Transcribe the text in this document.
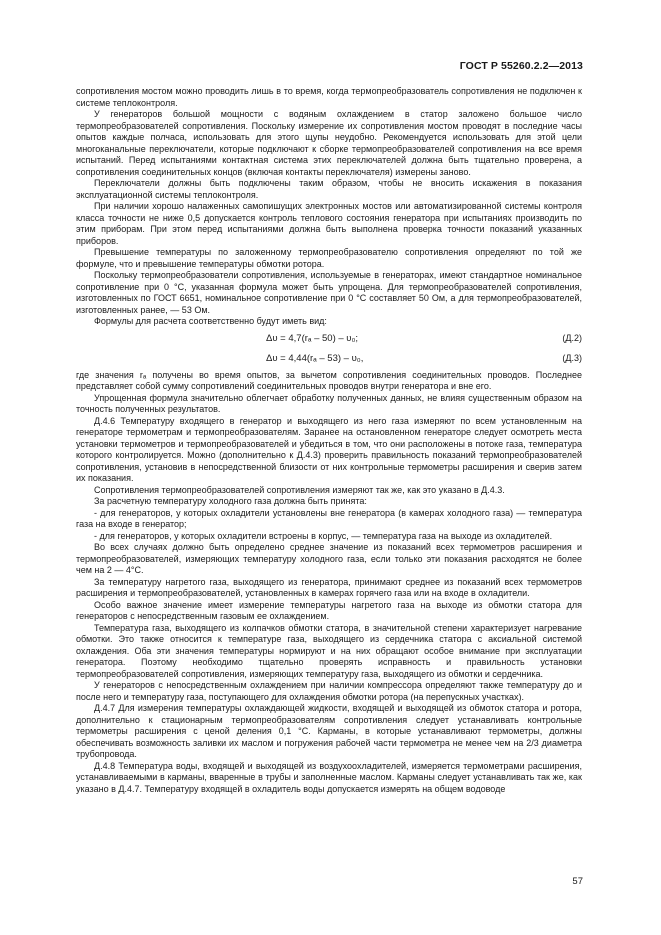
ГОСТ Р 55260.2.2—2013

сопротивления мостом можно проводить лишь в то время, когда термопреобразователь сопротивления не подключен к системе теплоконтроля.

У генераторов большой мощности с водяным охлаждением в статор заложено большое число термопреобразователей сопротивления. Поскольку измерение их сопротивления мостом проводят в последние часы опытов каждые полчаса, использовать для этого щупы неудобно. Рекомендуется использовать для этой цели многоканальные переключатели, которые подключают к сборке термопреобразователей сопротивления на все время испытаний. Перед испытаниями контактная система этих переключателей должна быть тщательно проверена, а сопротивления соединительных концов (включая контакты переключателя) измерены заново.

Переключатели должны быть подключены таким образом, чтобы не вносить искажения в показания эксплуатационной системы теплоконтроля.

При наличии хорошо налаженных самопишущих электронных мостов или автоматизированной системы контроля класса точности не ниже 0,5 допускается контроль теплового состояния генератора при испытаниях производить по этим приборам. При этом перед испытаниями должна быть выполнена проверка точности показаний указанных приборов.

Превышение температуры по заложенному термопреобразователю сопротивления определяют по той же формуле, что и превышение температуры обмотки ротора.

Поскольку термопреобразователи сопротивления, используемые в генераторах, имеют стандартное номинальное сопротивление при 0 °С, указанная формула может быть упрощена. Для термопреобразователей сопротивления, изготовленных по ГОСТ 6651, номинальное сопротивление при 0 °С составляет 50 Ом, а для термопреобразователей, изготовленных ранее, — 53 Ом.

Формулы для расчета соответственно будут иметь вид:

Δυ = 4,7(rₐ – 50) – υ₀;	(Д.2)
Δυ = 4,44(rₐ – 53) – υ₀,	(Д.3)

где значения rₐ получены во время опытов, за вычетом сопротивления соединительных проводов. Последнее представляет собой сумму сопротивлений соединительных проводов внутри генератора и вне его.

Упрощенная формула значительно облегчает обработку полученных данных, не влияя существенным образом на точность полученных результатов.

Д.4.6 Температуру входящего в генератор и выходящего из него газа измеряют по всем установленным на генераторе термометрам и термопреобразователям. Заранее на остановленном генераторе следует осмотреть места установки термометров и термопреобразователей и убедиться в том, что они расположены в потоке газа, температура которого контролируется. Можно (дополнительно к Д.4.3) проверить правильность показаний термопреобразователей сопротивления, установив в непосредственной близости от них контрольные термометры расширения и сверив затем их показания.

Сопротивления термопреобразователей сопротивления измеряют так же, как это указано в Д.4.3.

За расчетную температуру холодного газа должна быть принята:

- для генераторов, у которых охладители установлены вне генератора (в камерах холодного газа) — температура газа на входе в генератор;

- для генераторов, у которых охладители встроены в корпус, — температура газа на выходе из охладителей.

Во всех случаях должно быть определено среднее значение из показаний всех термометров расширения и термопреобразователей, измеряющих температуру холодного газа, если только эти показания расходятся не более чем на 2 — 4°С.

За температуру нагретого газа, выходящего из генератора, принимают среднее из показаний всех термометров расширения и термопреобразователей, установленных в камерах горячего газа или на входе в охладители.

Особо важное значение имеет измерение температуры нагретого газа на выходе из обмотки статора для генераторов с непосредственным газовым ее охлаждением.

Температура газа, выходящего из колпачков обмотки статора, в значительной степени характеризует нагревание обмотки. Это также относится к температуре газа, выходящего из сердечника статора с аксиальной системой охлаждения. Оба эти значения температуры нормируют и на них обращают особое внимание при эксплуатации генератора. Поэтому необходимо тщательно проверять исправность и правильность установки термопреобразователей сопротивления, измеряющих температуру газа, выходящего из обмотки и сердечника.

У генераторов с непосредственным охлаждением при наличии компрессора определяют также температуру до и после него и температуру газа, поступающего для охлаждения обмотки ротора (на перепускных участках).

Д.4.7 Для измерения температуры охлаждающей жидкости, входящей и выходящей из обмоток статора и ротора, дополнительно к стационарным термопреобразователям сопротивления следует устанавливать контрольные термометры расширения с ценой деления 0,1 °С. Карманы, в которые устанавливают термометры, должны обеспечивать возможность заливки их маслом и погружения рабочей части термометра не менее чем на 2/3 диаметра трубопровода.

Д.4.8 Температура воды, входящей и выходящей из воздухоохладителей, измеряется термометрами расширения, устанавливаемыми в карманы, вваренные в трубы и заполненные маслом. Карманы следует устанавливать так же, как указано в Д.4.7. Температуру входящей в охладитель воды допускается измерять на общем водоводе

57
